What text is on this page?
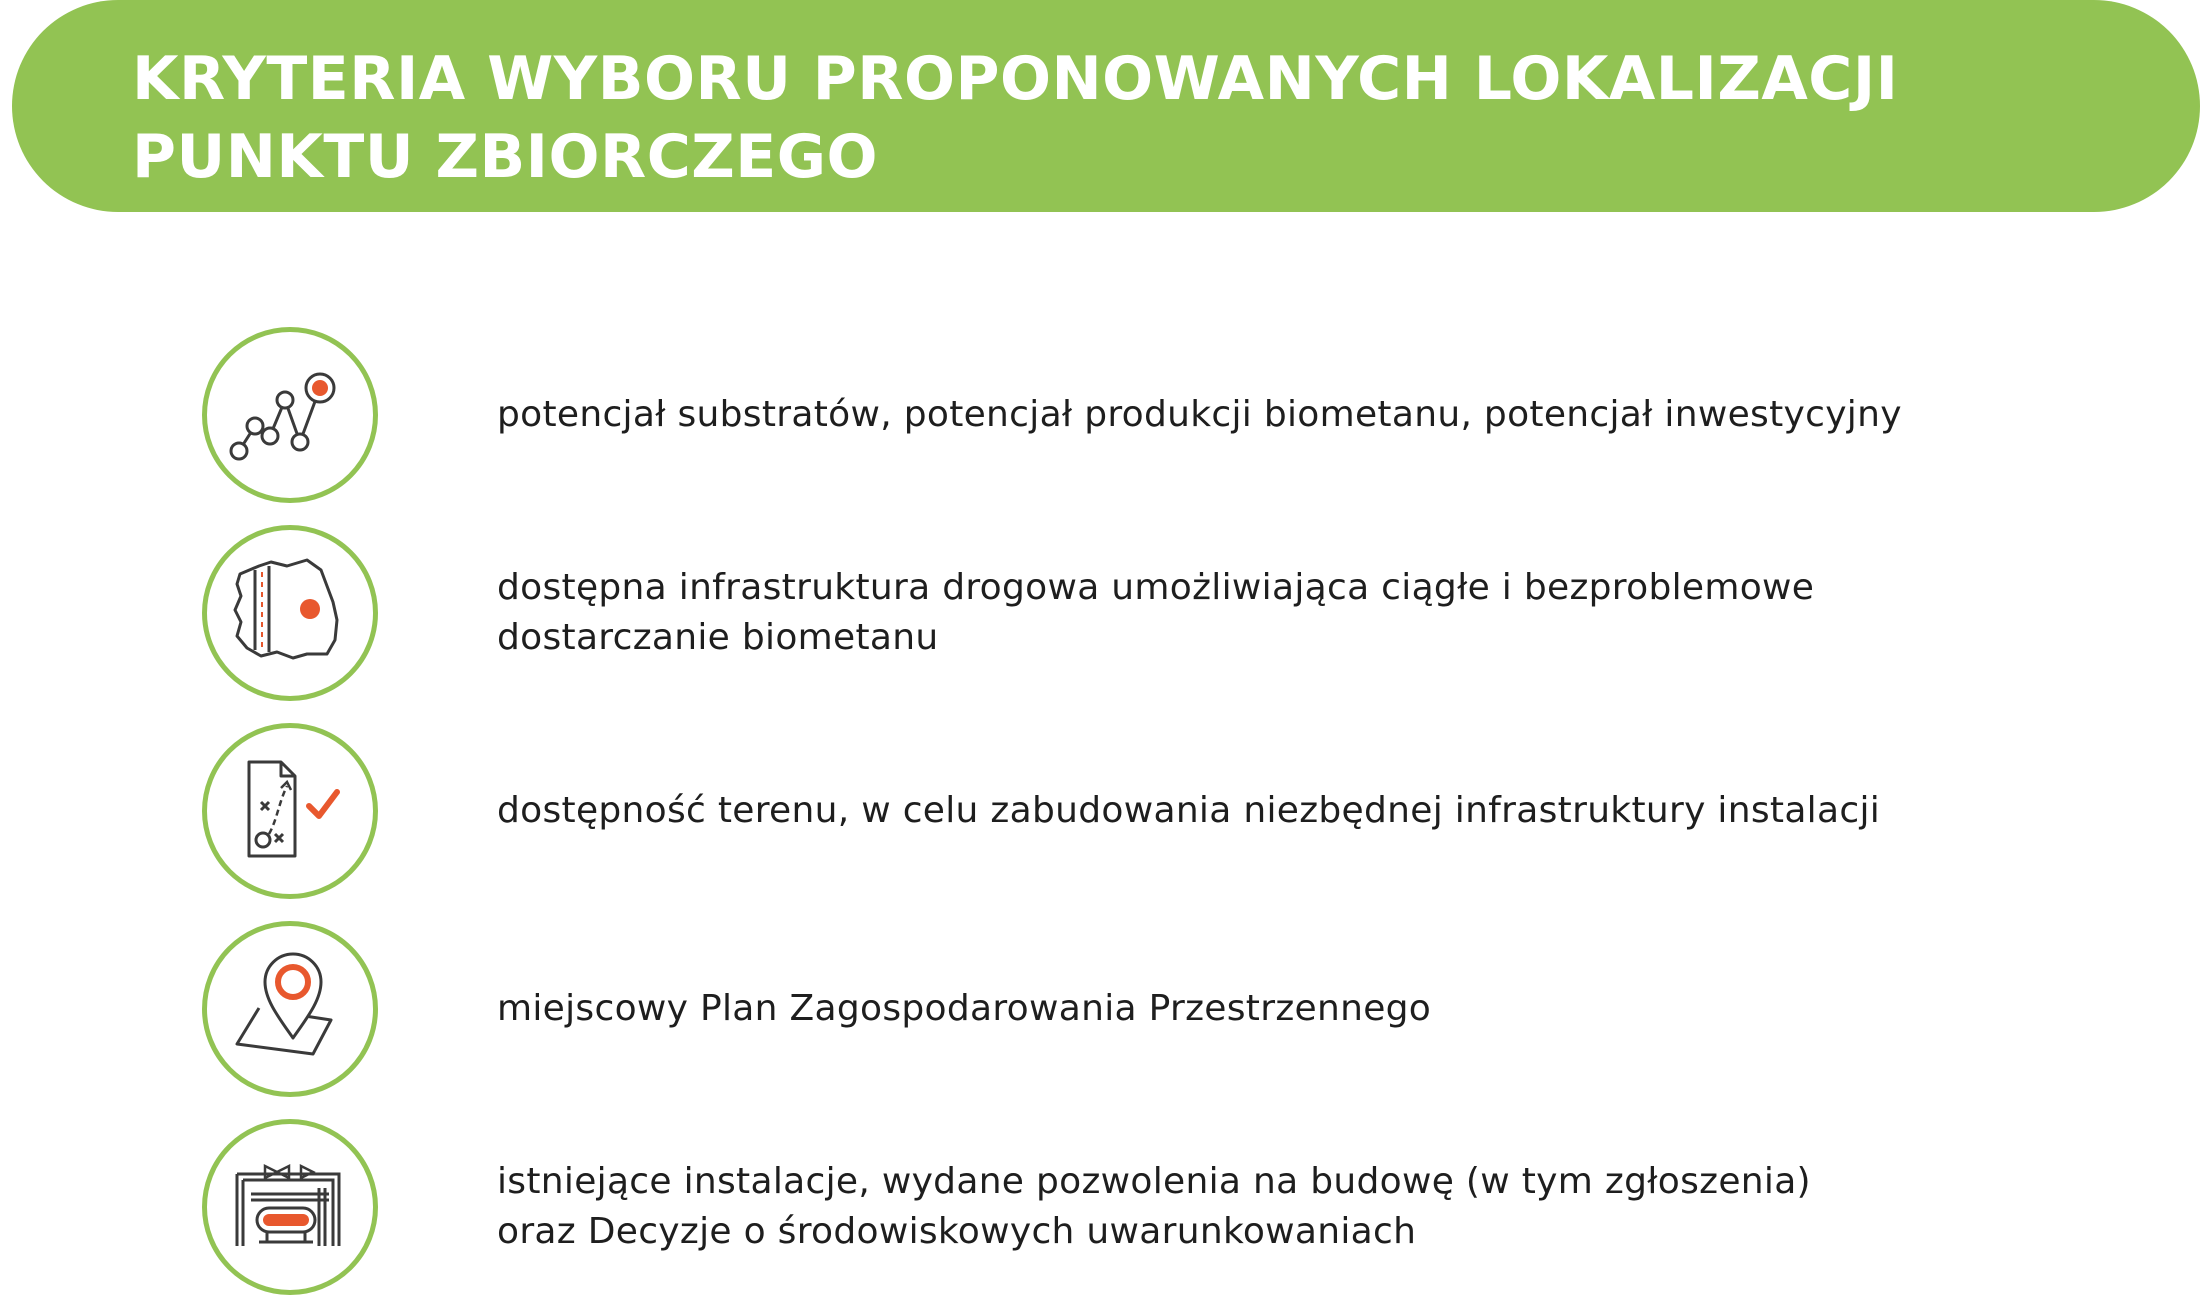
KRYTERIA WYBORU PROPONOWANYCH LOKALIZACJI
PUNKTU ZBIORCZEGO

potencjał substratów, potencjał produkcji biometanu, potencjał inwestycyjny

dostępna infrastruktura drogowa umożliwiająca ciągłe i bezproblemowe
dostarczanie biometanu

dostępność terenu, w celu zabudowania niezbędnej infrastruktury instalacji

miejscowy Plan Zagospodarowania Przestrzennego

istniejące instalacje, wydane pozwolenia na budowę (w tym zgłoszenia)
oraz Decyzje o środowiskowych uwarunkowaniach
